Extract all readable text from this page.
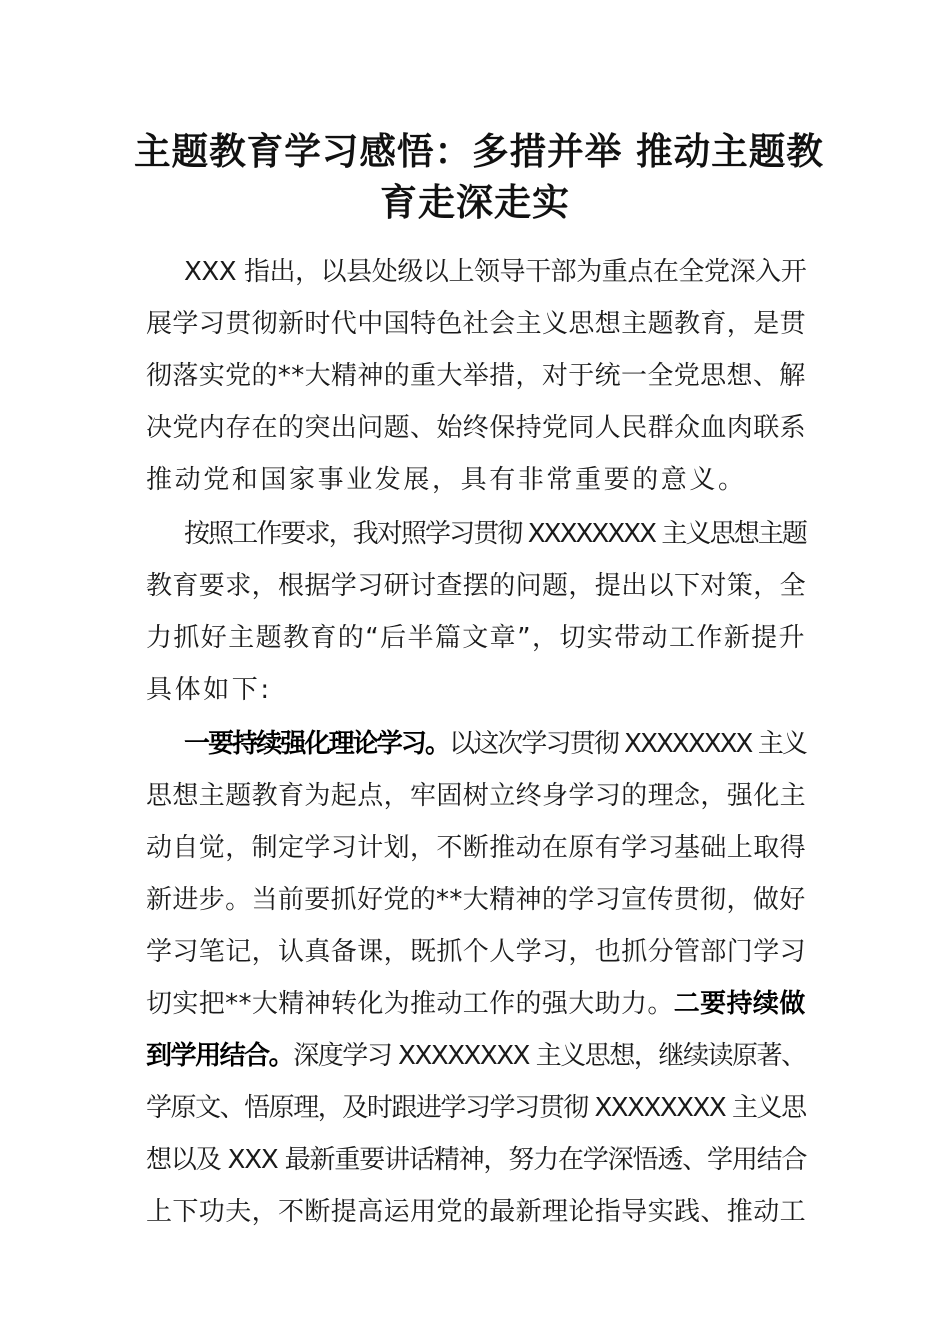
主题教育学习感悟：多措并举 推动主题教
育走深走实
XXX 指出，以县处级以上领导干部为重点在全党深入开
展学习贯彻新时代中国特色社会主义思想主题教育，是贯
彻落实党的**大精神的重大举措，对于统一全党思想、解
决党内存在的突出问题、始终保持党同人民群众血肉联系
推动党和国家事业发展，具有非常重要的意义。
按照工作要求，我对照学习贯彻 XXXXXXXX 主义思想主题
教育要求，根据学习研讨查摆的问题，提出以下对策，全
力抓好主题教育的“后半篇文章”，切实带动工作新提升
具体如下:
一要持续强化理论学习。以这次学习贯彻 XXXXXXXX 主义
思想主题教育为起点，牢固树立终身学习的理念，强化主
动自觉，制定学习计划，不断推动在原有学习基础上取得
新进步。当前要抓好党的**大精神的学习宣传贯彻，做好
学习笔记，认真备课，既抓个人学习，也抓分管部门学习
切实把**大精神转化为推动工作的强大助力。二要持续做
到学用结合。深度学习 XXXXXXXX 主义思想，继续读原著、
学原文、悟原理，及时跟进学习学习贯彻 XXXXXXXX 主义思
想以及 XXX 最新重要讲话精神，努力在学深悟透、学用结合
上下功夫，不断提高运用党的最新理论指导实践、推动工
